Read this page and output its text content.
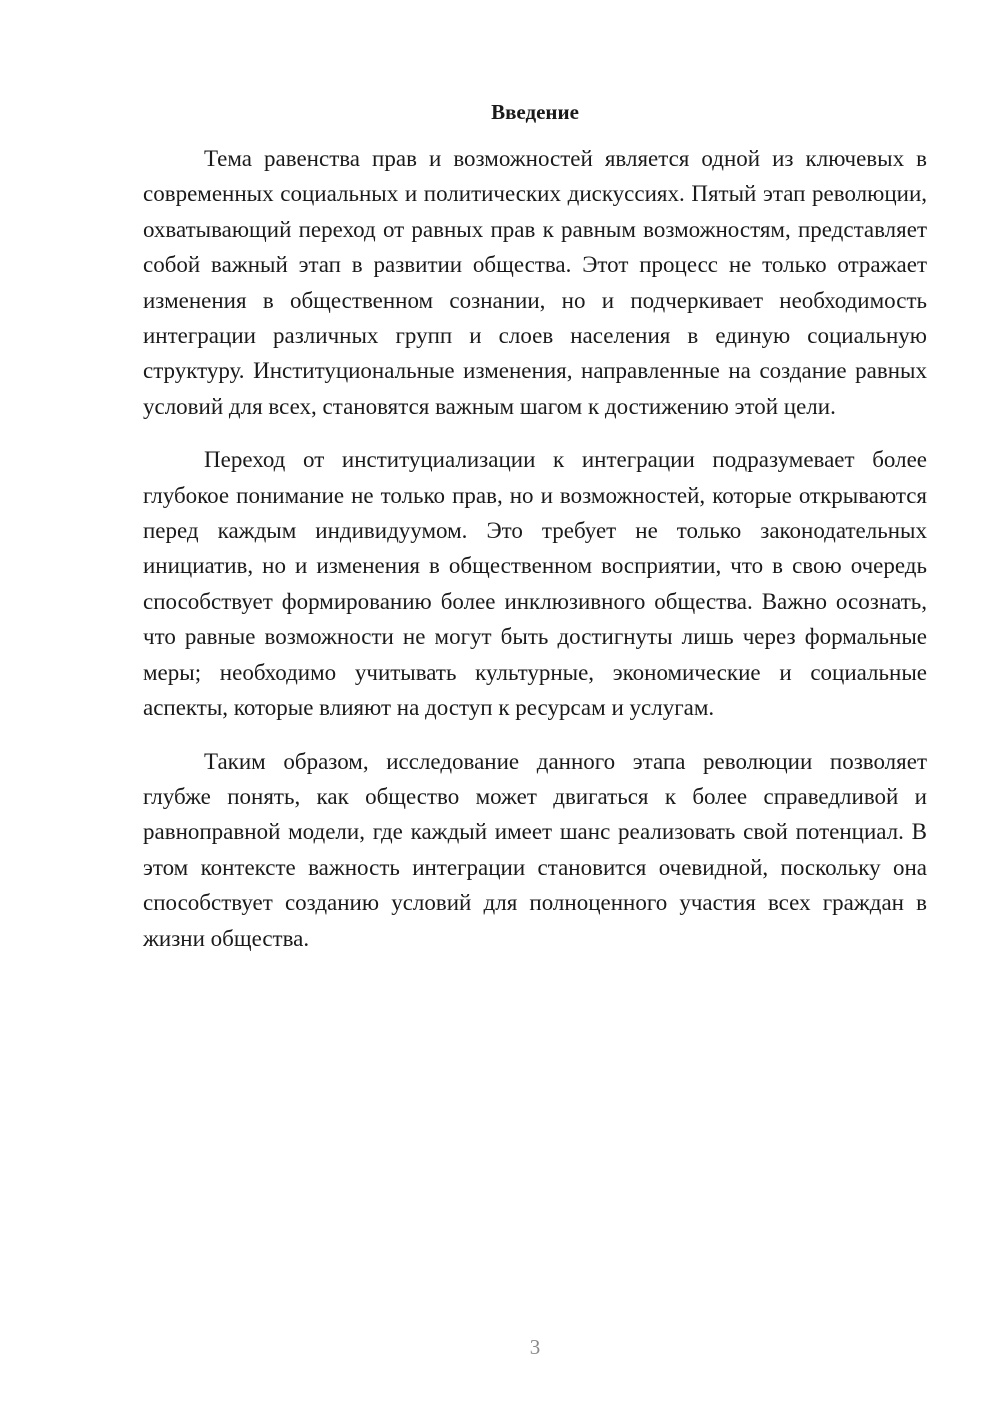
Введение

Тема равенства прав и возможностей является одной из ключевых в современных социальных и политических дискуссиях. Пятый этап революции, охватывающий переход от равных прав к равным возможностям, представляет собой важный этап в развитии общества. Этот процесс не только отражает изменения в общественном сознании, но и подчеркивает необходимость интеграции различных групп и слоев населения в единую социальную структуру. Институциональные изменения, направленные на создание равных условий для всех, становятся важным шагом к достижению этой цели.

Переход от институциализации к интеграции подразумевает более глубокое понимание не только прав, но и возможностей, которые открываются перед каждым индивидуумом. Это требует не только законодательных инициатив, но и изменения в общественном восприятии, что в свою очередь способствует формированию более инклюзивного общества. Важно осознать, что равные возможности не могут быть достигнуты лишь через формальные меры; необходимо учитывать культурные, экономические и социальные аспекты, которые влияют на доступ к ресурсам и услугам.

Таким образом, исследование данного этапа революции позволяет глубже понять, как общество может двигаться к более справедливой и равноправной модели, где каждый имеет шанс реализовать свой потенциал. В этом контексте важность интеграции становится очевидной, поскольку она способствует созданию условий для полноценного участия всех граждан в жизни общества.

3
